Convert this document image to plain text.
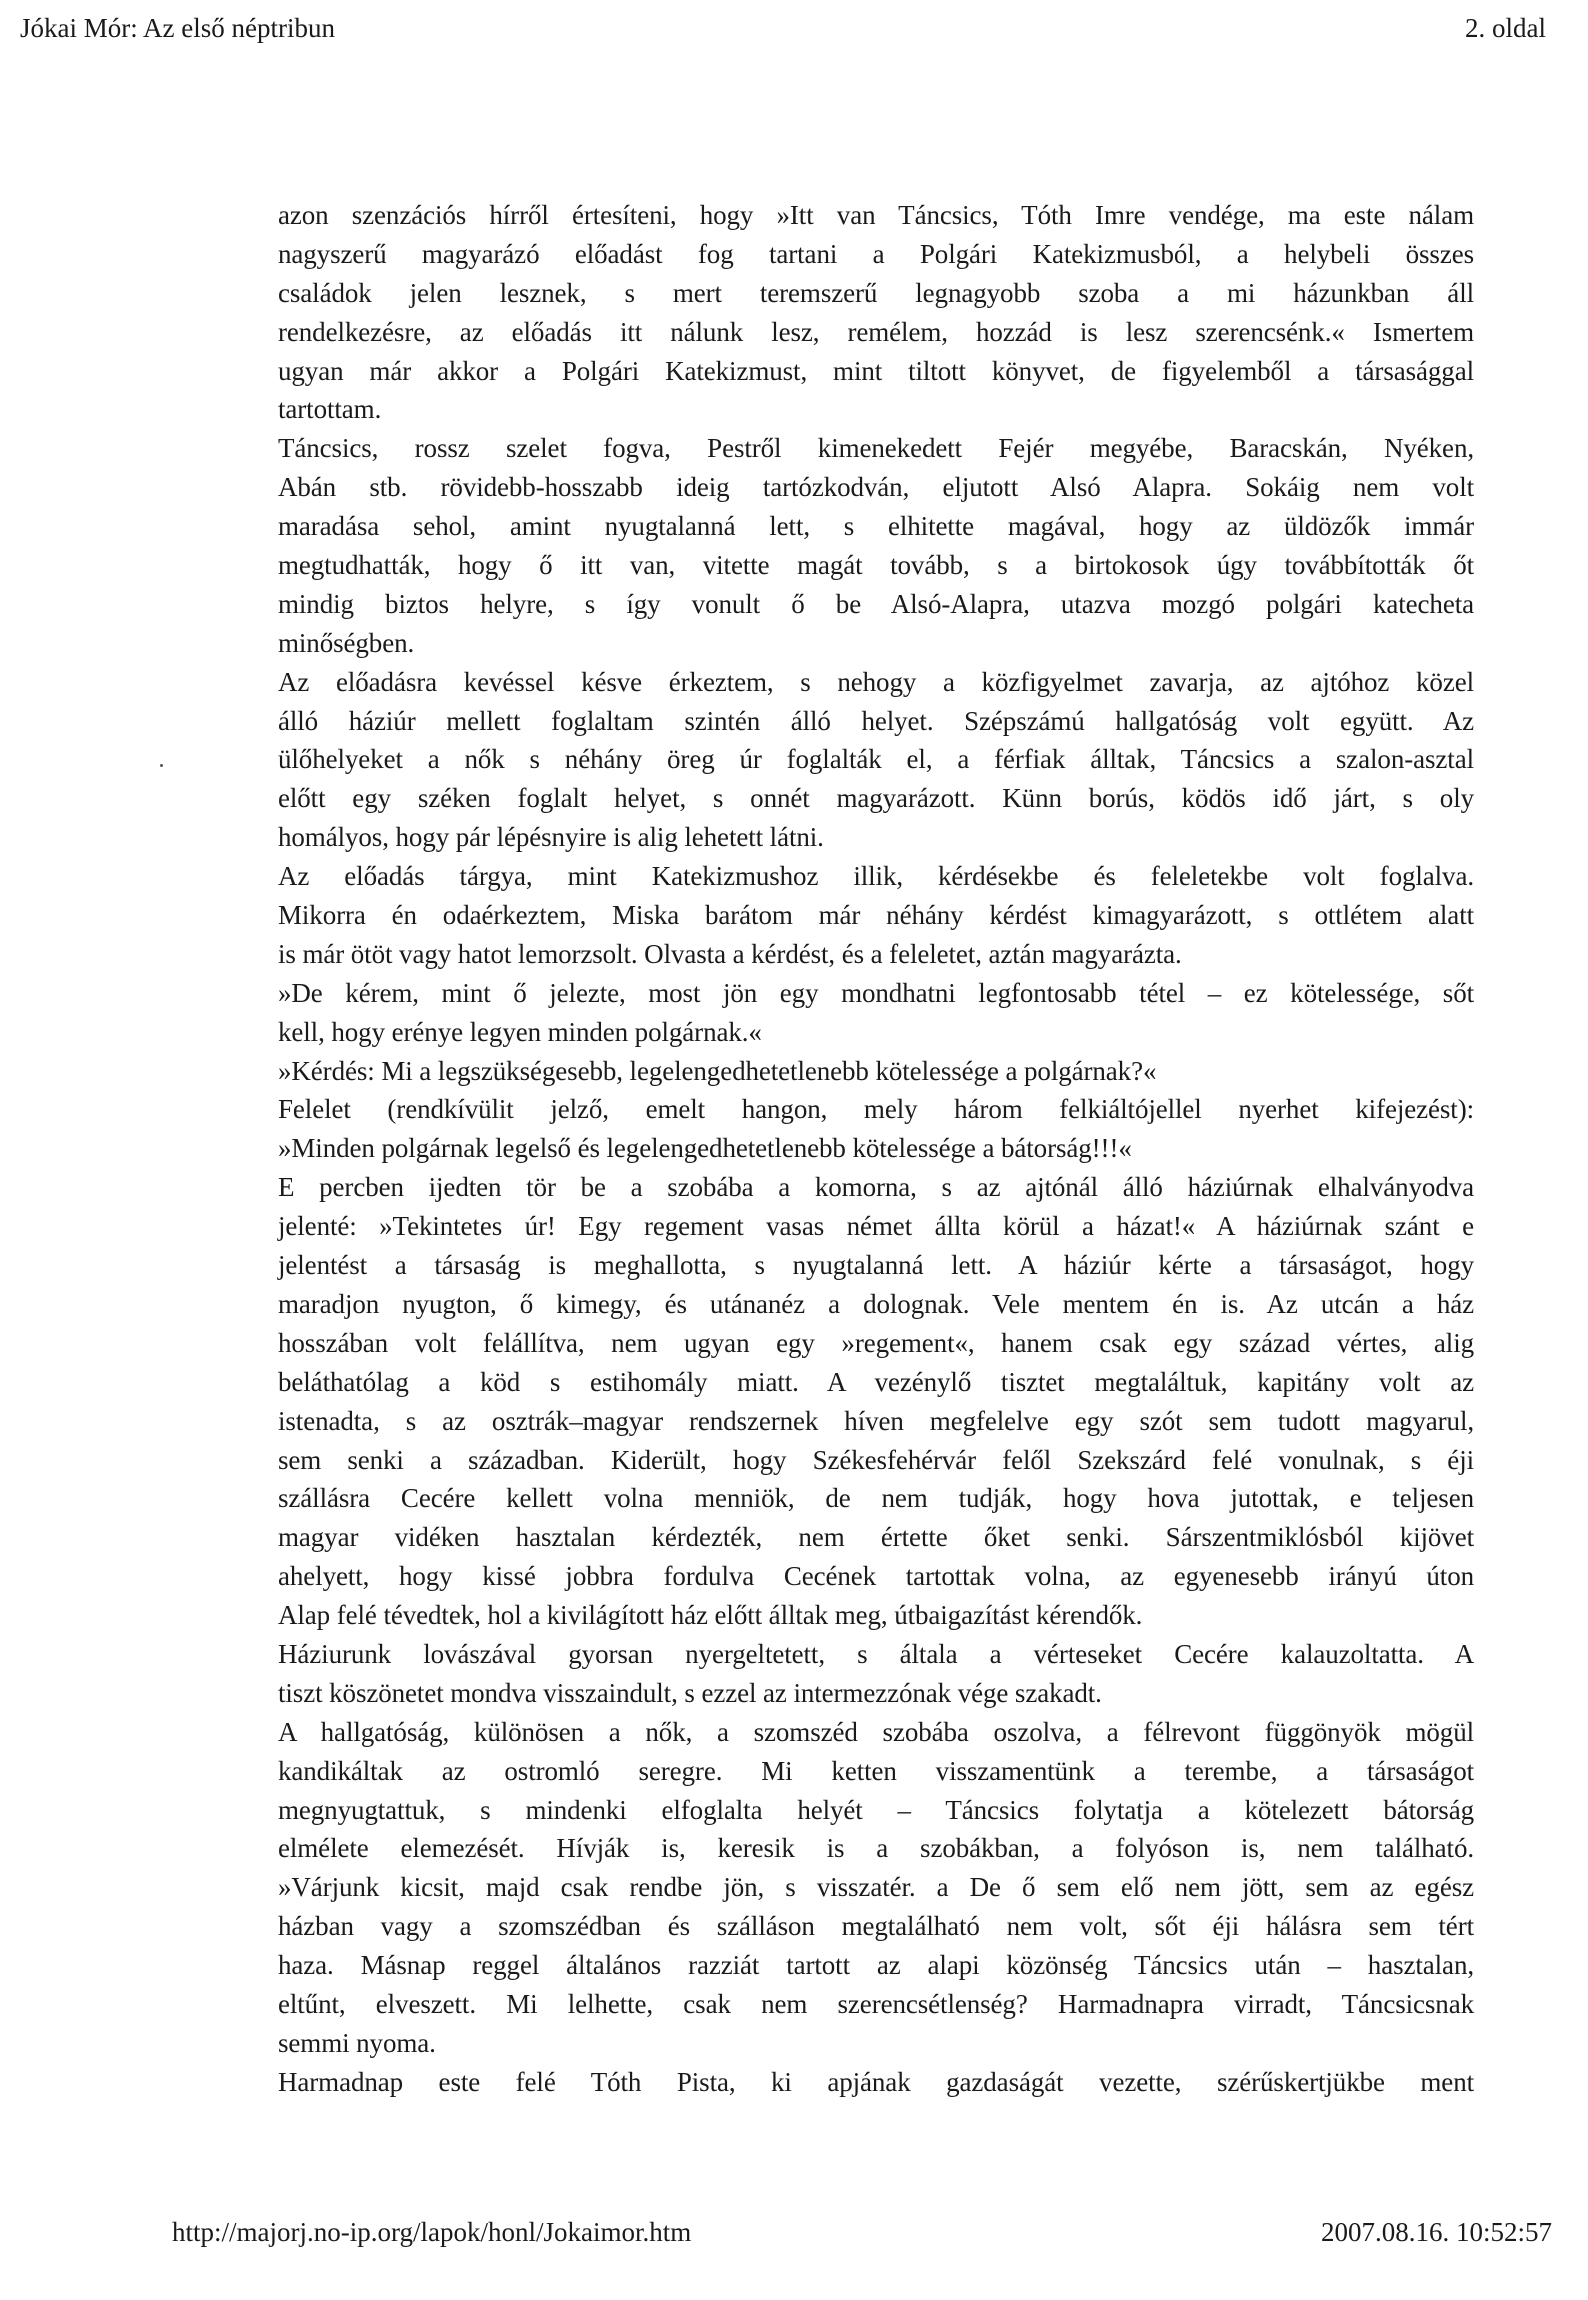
Jókai Mór: Az első néptribun	2. oldal
azon szenzációs hírről értesíteni, hogy »Itt van Táncsics, Tóth Imre vendége, ma este nálam
nagyszerű magyarázó előadást fog tartani a Polgári Katekizmusból, a helybeli összes
családok jelen lesznek, s mert teremszerű legnagyobb szoba a mi házunkban áll
rendelkezésre, az előadás itt nálunk lesz, remélem, hozzád is lesz szerencsénk.« Ismertem
ugyan már akkor a Polgári Katekizmust, mint tiltott könyvet, de figyelemből a társasággal
tartottam.
Táncsics, rossz szelet fogva, Pestről kimenekedett Fejér megyébe, Baracskán, Nyéken,
Abán stb. rövidebb-hosszabb ideig tartózkodván, eljutott Alsó Alapra. Sokáig nem volt
maradása sehol, amint nyugtalanná lett, s elhitette magával, hogy az üldözők immár
megtudhatták, hogy ő itt van, vitette magát tovább, s a birtokosok úgy továbbították őt
mindig biztos helyre, s így vonult ő be Alsó-Alapra, utazva mozgó polgári katecheta
minőségben.
Az előadásra kevéssel késve érkeztem, s nehogy a közfigyelmet zavarja, az ajtóhoz közel
álló háziúr mellett foglaltam szintén álló helyet. Szépszámú hallgatóság volt együtt. Az
ülőhelyeket a nők s néhány öreg úr foglalták el, a férfiak álltak, Táncsics a szalon-asztal
előtt egy széken foglalt helyet, s onnét magyarázott. Künn borús, ködös idő járt, s oly
homályos, hogy pár lépésnyire is alig lehetett látni.
Az előadás tárgya, mint Katekizmushoz illik, kérdésekbe és feleletekbe volt foglalva.
Mikorra én odaérkeztem, Miska barátom már néhány kérdést kimagyarázott, s ottlétem alatt
is már ötöt vagy hatot lemorzsolt. Olvasta a kérdést, és a feleletet, aztán magyarázta.
»De kérem, mint ő jelezte, most jön egy mondhatni legfontosabb tétel – ez kötelessége, sőt
kell, hogy erénye legyen minden polgárnak.«
»Kérdés: Mi a legszükségesebb, legelengedhetetlenebb kötelessége a polgárnak?«
Felelet (rendkívülit jelző, emelt hangon, mely három felkiáltójellel nyerhet kifejezést):
»Minden polgárnak legelső és legelengedhetetlenebb kötelessége a bátorság!!!«
E percben ijedten tör be a szobába a komorna, s az ajtónál álló háziúrnak elhalványodva
jelenté: »Tekintetes úr! Egy regement vasas német állta körül a házat!« A háziúrnak szánt e
jelentést a társaság is meghallotta, s nyugtalanná lett. A háziúr kérte a társaságot, hogy
maradjon nyugton, ő kimegy, és utánanéz a dolognak. Vele mentem én is. Az utcán a ház
hosszában volt felállítva, nem ugyan egy »regement«, hanem csak egy század vértes, alig
beláthatólag a köd s estihomály miatt. A vezénylő tisztet megtaláltuk, kapitány volt az
istenadta, s az osztrák–magyar rendszernek híven megfelelve egy szót sem tudott magyarul,
sem senki a században. Kiderült, hogy Székesfehérvár felől Szekszárd felé vonulnak, s éji
szállásra Cecére kellett volna menniök, de nem tudják, hogy hova jutottak, e teljesen
magyar vidéken hasztalan kérdezték, nem értette őket senki. Sárszentmiklósból kijövet
ahelyett, hogy kissé jobbra fordulva Cecének tartottak volna, az egyenesebb irányú úton
Alap felé tévedtek, hol a kivilágított ház előtt álltak meg, útbaigazítást kérendők.
Háziurunk lovászával gyorsan nyergeltetett, s általa a vérteseket Cecére kalauzoltatta. A
tiszt köszönetet mondva visszaindult, s ezzel az intermezzónak vége szakadt.
A hallgatóság, különösen a nők, a szomszéd szobába oszolva, a félrevont függönyök mögül
kandikáltak az ostromló seregre. Mi ketten visszamentünk a terembe, a társaságot
megnyugtattuk, s mindenki elfoglalta helyét – Táncsics folytatja a kötelezett bátorság
elmélete elemezését. Hívják is, keresik is a szobákban, a folyóson is, nem található.
»Várjunk kicsit, majd csak rendbe jön, s visszatér. a De ő sem elő nem jött, sem az egész
házban vagy a szomszédban és szálláson megtalálható nem volt, sőt éji hálásra sem tért
haza. Másnap reggel általános razziát tartott az alapi közönség Táncsics után – hasztalan,
eltűnt, elveszett. Mi lelhette, csak nem szerencsétlenség? Harmadnapra virradt, Táncsicsnak
semmi nyoma.
Harmadnap este felé Tóth Pista, ki apjának gazdaságát vezette, szérűskertjükbe ment
http://majorj.no-ip.org/lapok/honl/Jokaimor.htm	2007.08.16. 10:52:57
